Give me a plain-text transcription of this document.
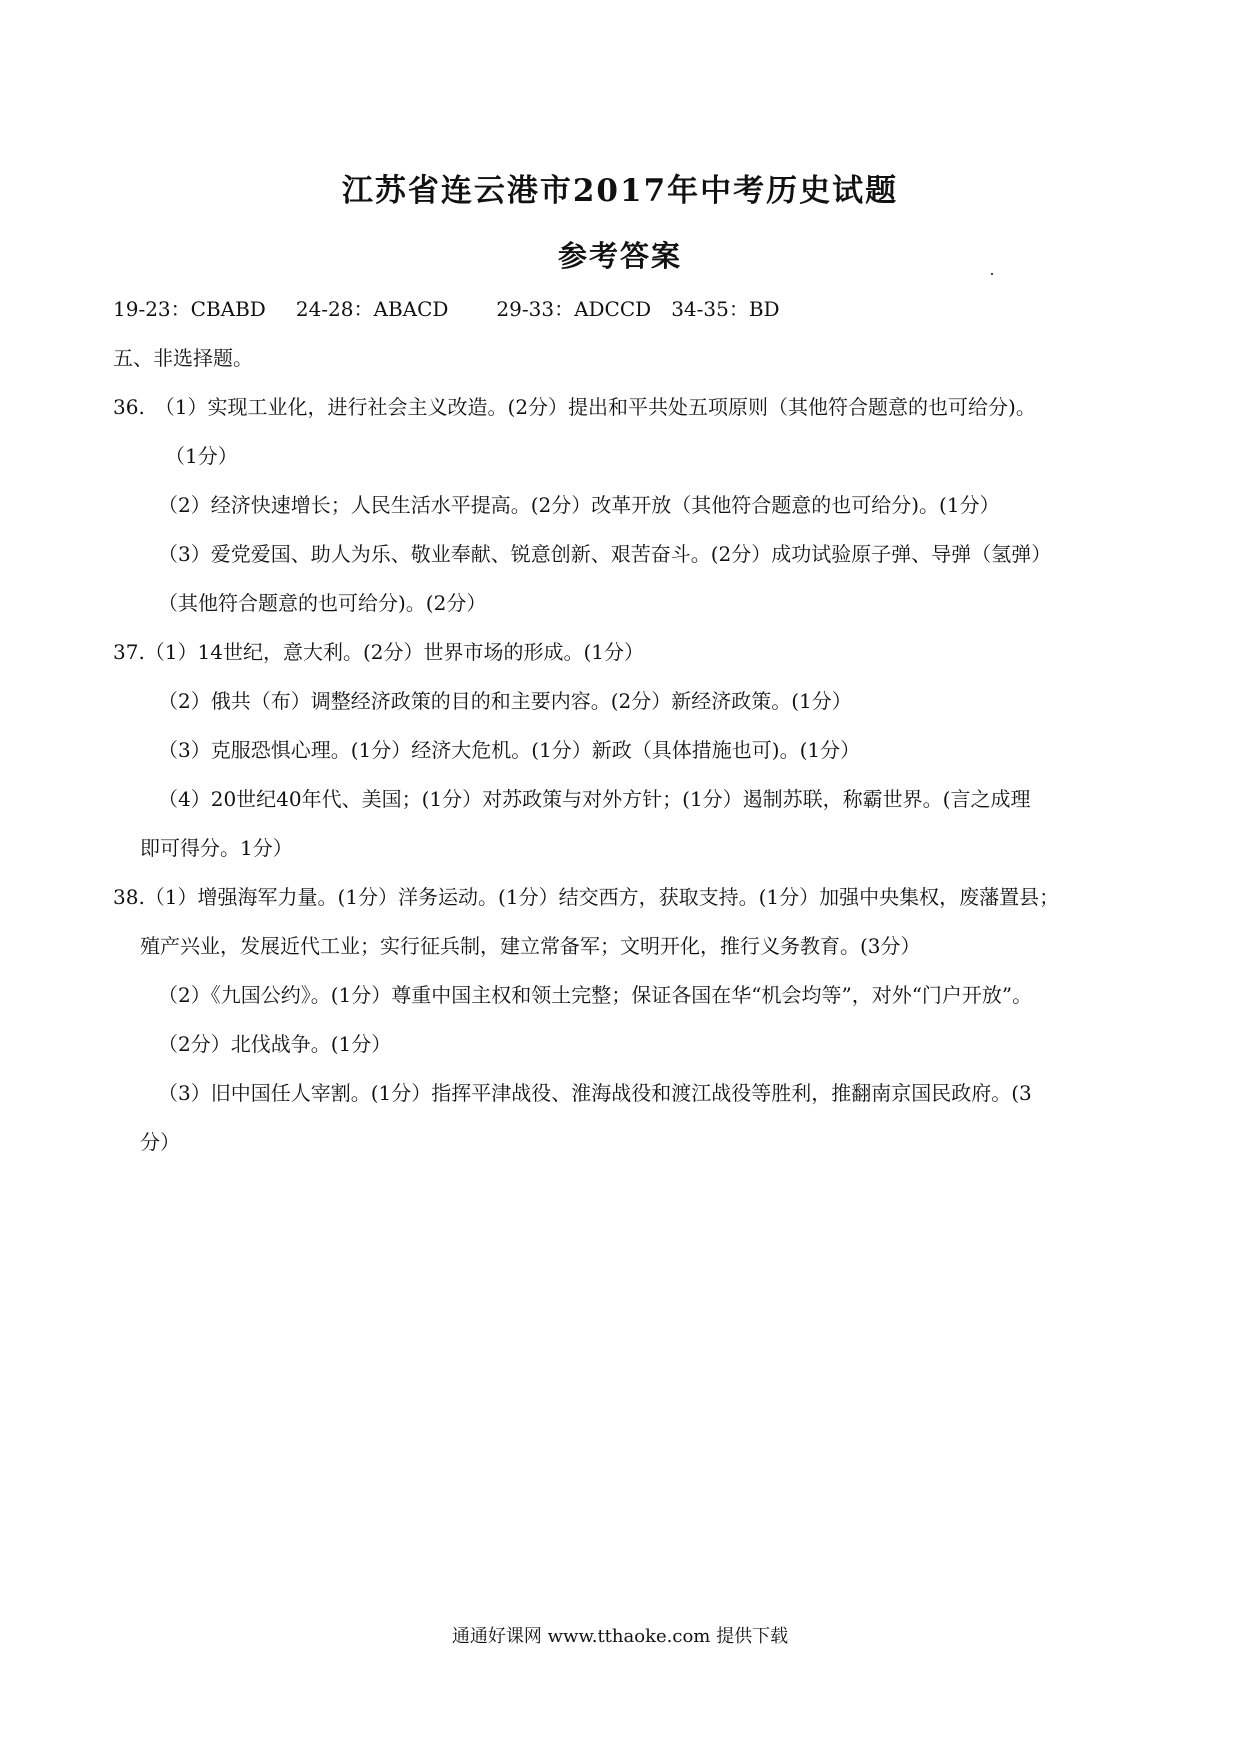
江苏省连云港市2017年中考历史试题
参考答案
19-23：CBABD 24-28：ABACD 29-33：ADCCD 34-35：BD
五、非选择题。
36.　（1）实现工业化，进行社会主义改造。(2分）提出和平共处五项原则（其他符合题意的也可给分)。
（1分）
（2）经济快速增长；人民生活水平提高。(2分）改革开放（其他符合题意的也可给分)。(1分）
（3）爱党爱国、助人为乐、敬业奉献、锐意创新、艰苦奋斗。(2分）成功试验原子弹、导弹（氢弹）
（其他符合题意的也可给分)。(2分）
37.（1）14世纪，意大利。(2分）世界市场的形成。(1分）
（2）俄共（布）调整经济政策的目的和主要内容。(2分）新经济政策。(1分）
（3）克服恐惧心理。(1分）经济大危机。(1分）新政（具体措施也可)。(1分）
（4）20世纪40年代、美国；(1分）对苏政策与对外方针；(1分）遏制苏联，称霸世界。(言之成理
即可得分。1分）
38.（1）增强海军力量。(1分）洋务运动。(1分）结交西方，获取支持。(1分）加强中央集权，废藩置县；
殖产兴业，发展近代工业；实行征兵制，建立常备军；文明开化，推行义务教育。(3分）
（2）《九国公约》。(1分）尊重中国主权和领土完整；保证各国在华“机会均等”，对外“门户开放”。
（2分）北伐战争。(1分）
（3）旧中国任人宰割。(1分）指挥平津战役、淮海战役和渡江战役等胜利，推翻南京国民政府。(3
分）
通通好课网 www.tthaoke.com 提供下载
